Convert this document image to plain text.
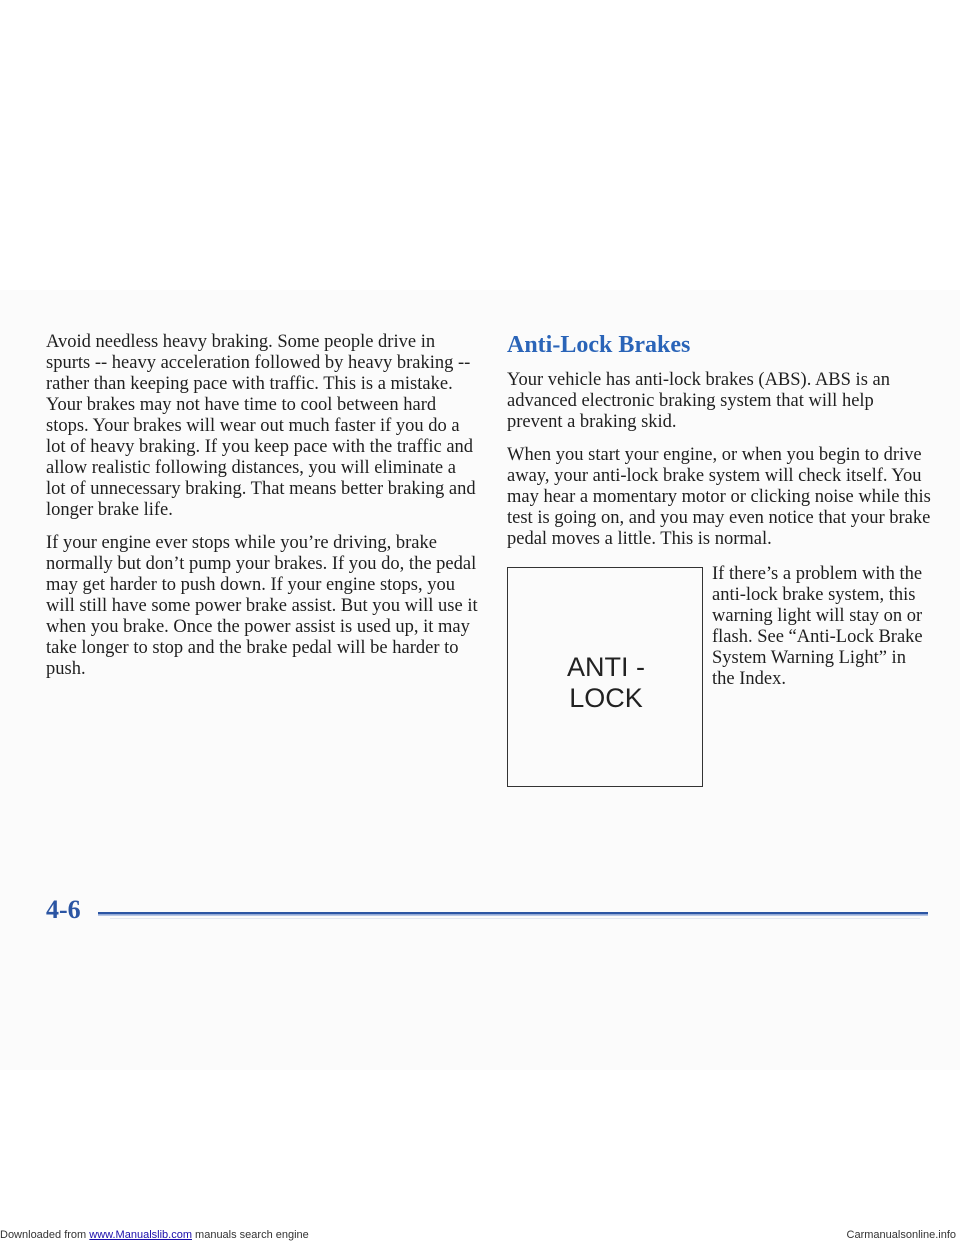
Avoid needless heavy braking. Some people drive in spurts -- heavy acceleration followed by heavy braking -- rather than keeping pace with traffic. This is a mistake. Your brakes may not have time to cool between hard stops. Your brakes will wear out much faster if you do a lot of heavy braking. If you keep pace with the traffic and allow realistic following distances, you will eliminate a lot of unnecessary braking. That means better braking and longer brake life.

If your engine ever stops while you’re driving, brake normally but don’t pump your brakes. If you do, the pedal may get harder to push down. If your engine stops, you will still have some power brake assist. But you will use it when you brake. Once the power assist is used up, it may take longer to stop and the brake pedal will be harder to push.

Anti-Lock Brakes

Your vehicle has anti-lock brakes (ABS). ABS is an advanced electronic braking system that will help prevent a braking skid.

When you start your engine, or when you begin to drive away, your anti-lock brake system will check itself. You may hear a momentary motor or clicking noise while this test is going on, and you may even notice that your brake pedal moves a little. This is normal.

ANTI -
LOCK

If there’s a problem with the anti-lock brake system, this warning light will stay on or flash. See “Anti-Lock Brake System Warning Light” in the Index.

4-6
Downloaded from www.Manualslib.com manuals search engine	Carmanualsonline.info
